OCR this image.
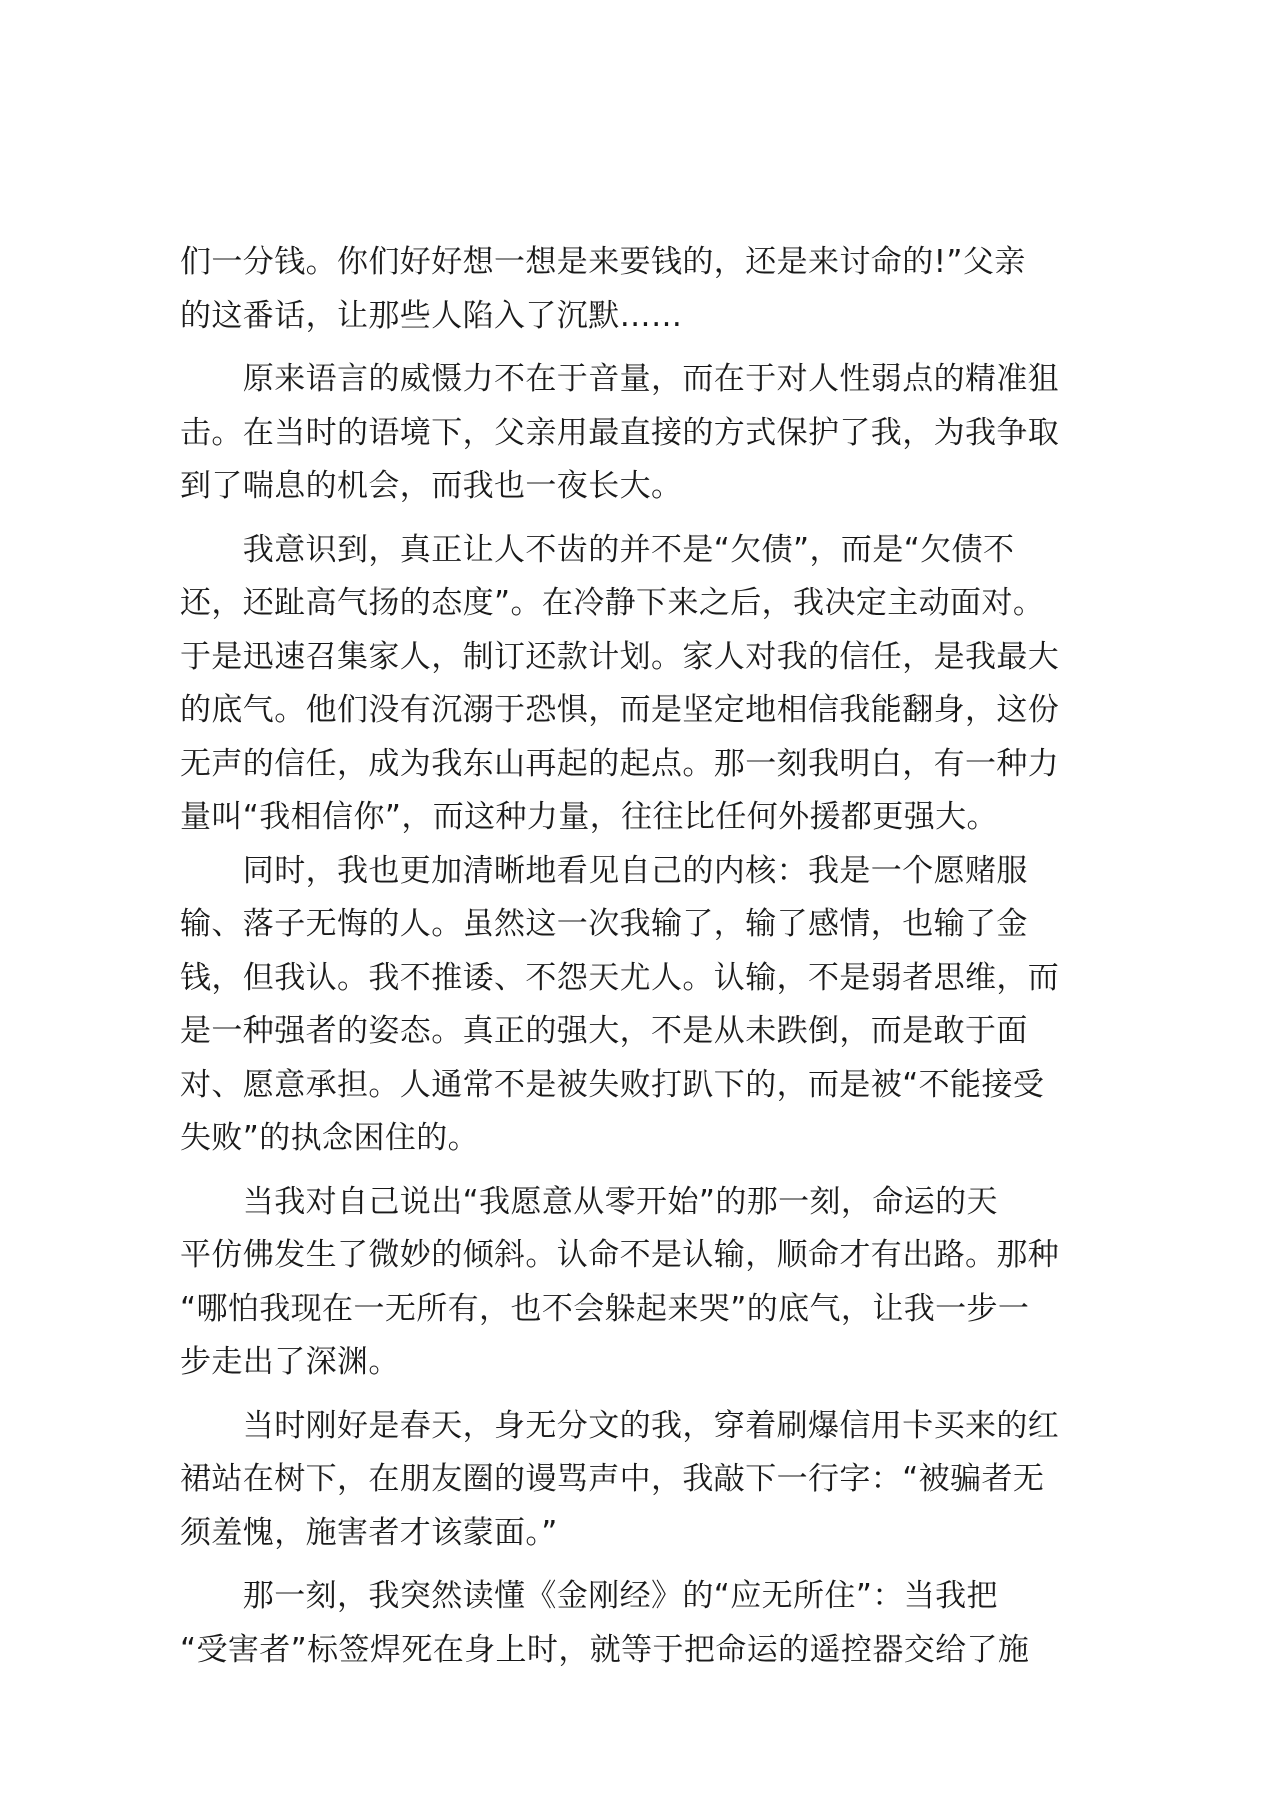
们一分钱。你们好好想一想是来要钱的，还是来讨命的!”父亲
的这番话，让那些人陷入了沉默……
　　原来语言的威慑力不在于音量，而在于对人性弱点的精准狙
击。在当时的语境下，父亲用最直接的方式保护了我，为我争取
到了喘息的机会，而我也一夜长大。
　　我意识到，真正让人不齿的并不是“欠债”，而是“欠债不
还，还趾高气扬的态度”。在冷静下来之后，我决定主动面对。
于是迅速召集家人，制订还款计划。家人对我的信任，是我最大
的底气。他们没有沉溺于恐惧，而是坚定地相信我能翻身，这份
无声的信任，成为我东山再起的起点。那一刻我明白，有一种力
量叫“我相信你”，而这种力量，往往比任何外援都更强大。
　　同时，我也更加清晰地看见自己的内核：我是一个愿赌服
输、落子无悔的人。虽然这一次我输了，输了感情，也输了金
钱，但我认。我不推诿、不怨天尤人。认输，不是弱者思维，而
是一种强者的姿态。真正的强大，不是从未跌倒，而是敢于面
对、愿意承担。人通常不是被失败打趴下的，而是被“不能接受
失败”的执念困住的。
　　当我对自己说出“我愿意从零开始”的那一刻，命运的天
平仿佛发生了微妙的倾斜。认命不是认输，顺命才有出路。那种
“哪怕我现在一无所有，也不会躲起来哭”的底气，让我一步一
步走出了深渊。
　　当时刚好是春天，身无分文的我，穿着刷爆信用卡买来的红
裙站在树下，在朋友圈的谩骂声中，我敲下一行字：“被骗者无
须羞愧，施害者才该蒙面。”
　　那一刻，我突然读懂《金刚经》的“应无所住”：当我把
“受害者”标签焊死在身上时，就等于把命运的遥控器交给了施
